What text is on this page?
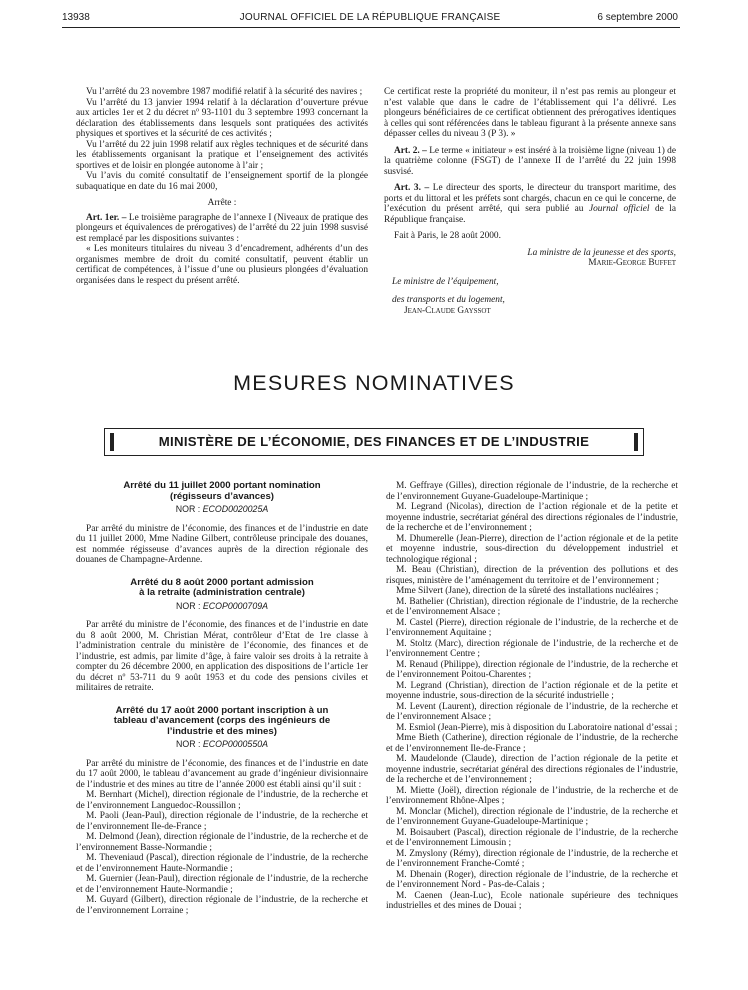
13938	JOURNAL OFFICIEL DE LA RÉPUBLIQUE FRANÇAISE	6 septembre 2000

Vu l’arrêté du 23 novembre 1987 modifié relatif à la sécurité des navires ;

Vu l’arrêté du 13 janvier 1994 relatif à la déclaration d’ouverture prévue aux articles 1er et 2 du décret nº 93-1101 du 3 septembre 1993 concernant la déclaration des établissements dans lesquels sont pratiquées des activités physiques et sportives et la sécurité de ces activités ;

Vu l’arrêté du 22 juin 1998 relatif aux règles techniques et de sécurité dans les établissements organisant la pratique et l’enseignement des activités sportives et de loisir en plongée autonome à l’air ;

Vu l’avis du comité consultatif de l’enseignement sportif de la plongée subaquatique en date du 16 mai 2000,

Arrête :

Art. 1er. – Le troisième paragraphe de l’annexe I (Niveaux de pratique des plongeurs et équivalences de prérogatives) de l’arrêté du 22 juin 1998 susvisé est remplacé par les dispositions suivantes :

« Les moniteurs titulaires du niveau 3 d’encadrement, adhérents d’un des organismes membre de droit du comité consultatif, peuvent établir un certificat de compétences, à l’issue d’une ou plusieurs plongées d’évaluation organisées dans le respect du présent arrêté.

Ce certificat reste la propriété du moniteur, il n’est pas remis au plongeur et n’est valable que dans le cadre de l’établissement qui l’a délivré. Les plongeurs bénéficiaires de ce certificat obtiennent des prérogatives identiques à celles qui sont référencées dans le tableau figurant à la présente annexe sans dépasser celles du niveau 3 (P 3). »

Art. 2. – Le terme « initiateur » est inséré à la troisième ligne (niveau 1) de la quatrième colonne (FSGT) de l’annexe II de l’arrêté du 22 juin 1998 susvisé.

Art. 3. – Le directeur des sports, le directeur du transport maritime, des ports et du littoral et les préfets sont chargés, chacun en ce qui le concerne, de l’exécution du présent arrêté, qui sera publié au Journal officiel de la République française.

Fait à Paris, le 28 août 2000.

La ministre de la jeunesse et des sports,

Marie-George Buffet

Le ministre de l’équipement,

des transports et du logement,

Jean-Claude Gayssot

MESURES NOMINATIVES
MINISTÈRE DE L’ÉCONOMIE, DES FINANCES ET DE L’INDUSTRIE

Arrêté du 11 juillet 2000 portant nomination

(régisseurs d’avances)

NOR : ECOD0020025A

Par arrêté du ministre de l’économie, des finances et de l’industrie en date du 11 juillet 2000, Mme Nadine Gilbert, contrôleuse principale des douanes, est nommée régisseuse d’avances auprès de la direction régionale des douanes de Champagne-Ardenne.

Arrêté du 8 août 2000 portant admission

à la retraite (administration centrale)

NOR : ECOP0000709A

Par arrêté du ministre de l’économie, des finances et de l’industrie en date du 8 août 2000, M. Christian Mérat, contrôleur d’Etat de 1re classe à l’administration centrale du ministère de l’économie, des finances et de l’industrie, est admis, par limite d’âge, à faire valoir ses droits à la retraite à compter du 26 décembre 2000, en application des dispositions de l’article 1er du décret nº 53-711 du 9 août 1953 et du code des pensions civiles et militaires de retraite.

Arrêté du 17 août 2000 portant inscription à un

tableau d’avancement (corps des ingénieurs de

l’industrie et des mines)

NOR : ECOP0000550A

Par arrêté du ministre de l’économie, des finances et de l’industrie en date du 17 août 2000, le tableau d’avancement au grade d’ingénieur divisionnaire de l’industrie et des mines au titre de l’année 2000 est établi ainsi qu’il suit :

M. Bernhart (Michel), direction régionale de l’industrie, de la recherche et de l’environnement Languedoc-Roussillon ;

M. Paoli (Jean-Paul), direction régionale de l’industrie, de la recherche et de l’environnement Ile-de-France ;

M. Delmond (Jean), direction régionale de l’industrie, de la recherche et de l’environnement Basse-Normandie ;

M. Theveniaud (Pascal), direction régionale de l’industrie, de la recherche et de l’environnement Haute-Normandie ;

M. Guernier (Jean-Paul), direction régionale de l’industrie, de la recherche et de l’environnement Haute-Normandie ;

M. Guyard (Gilbert), direction régionale de l’industrie, de la recherche et de l’environnement Lorraine ;

M. Geffraye (Gilles), direction régionale de l’industrie, de la recherche et de l’environnement Guyane-Guadeloupe-Martinique ;

M. Legrand (Nicolas), direction de l’action régionale et de la petite et moyenne industrie, secrétariat général des directions régionales de l’industrie, de la recherche et de l’environnement ;

M. Dhumerelle (Jean-Pierre), direction de l’action régionale et de la petite et moyenne industrie, sous-direction du développement industriel et technologique régional ;

M. Beau (Christian), direction de la prévention des pollutions et des risques, ministère de l’aménagement du territoire et de l’environnement ;

Mme Silvert (Jane), direction de la sûreté des installations nucléaires ;

M. Bathelier (Christian), direction régionale de l’industrie, de la recherche et de l’environnement Alsace ;

M. Castel (Pierre), direction régionale de l’industrie, de la recherche et de l’environnement Aquitaine ;

M. Stoltz (Marc), direction régionale de l’industrie, de la recherche et de l’environnement Centre ;

M. Renaud (Philippe), direction régionale de l’industrie, de la recherche et de l’environnement Poitou-Charentes ;

M. Legrand (Christian), direction de l’action régionale et de la petite et moyenne industrie, sous-direction de la sécurité industrielle ;

M. Levent (Laurent), direction régionale de l’industrie, de la recherche et de l’environnement Alsace ;

M. Esmiol (Jean-Pierre), mis à disposition du Laboratoire national d’essai ;

Mme Bieth (Catherine), direction régionale de l’industrie, de la recherche et de l’environnement Ile-de-France ;

M. Maudelonde (Claude), direction de l’action régionale de la petite et moyenne industrie, secrétariat général des directions régionales de l’industrie, de la recherche et de l’environnement ;

M. Miette (Joël), direction régionale de l’industrie, de la recherche et de l’environnement Rhône-Alpes ;

M. Monclar (Michel), direction régionale de l’industrie, de la recherche et de l’environnement Guyane-Guadeloupe-Martinique ;

M. Boisaubert (Pascal), direction régionale de l’industrie, de la recherche et de l’environnement Limousin ;

M. Zmyslony (Rémy), direction régionale de l’industrie, de la recherche et de l’environnement Franche-Comté ;

M. Dhenain (Roger), direction régionale de l’industrie, de la recherche et de l’environnement Nord - Pas-de-Calais ;

M. Caenen (Jean-Luc), Ecole nationale supérieure des techniques industrielles et des mines de Douai ;
